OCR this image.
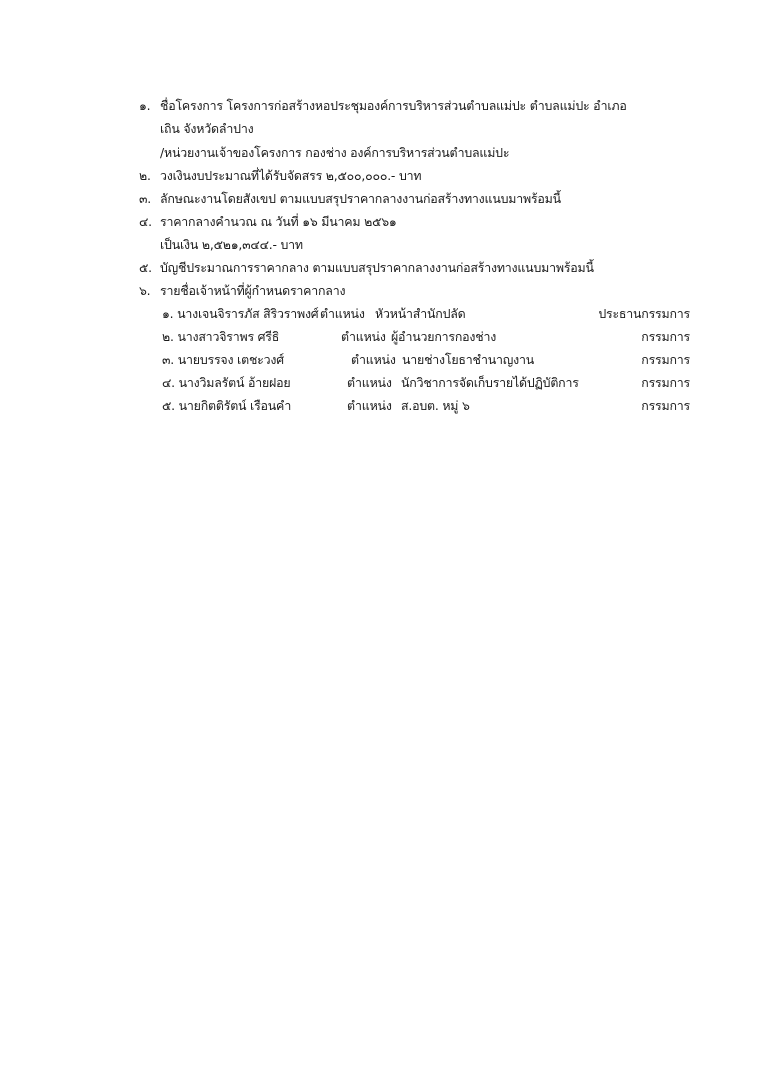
๑. ชื่อโครงการ โครงการก่อสร้างหอประชุมองค์การบริหารส่วนตำบลแม่ปะ ตำบลแม่ปะ อำเภอ
เถิน จังหวัดลำปาง
/หน่วยงานเจ้าของโครงการ กองช่าง องค์การบริหารส่วนตำบลแม่ปะ
๒. วงเงินงบประมาณที่ได้รับจัดสรร ๒,๕๐๐,๐๐๐.- บาท
๓. ลักษณะงานโดยสังเขป ตามแบบสรุปราคากลางงานก่อสร้างทางแนบมาพร้อมนี้
๔. ราคากลางคำนวณ ณ วันที่ ๑๖ มีนาคม ๒๕๖๑
เป็นเงิน ๒,๕๒๑,๓๔๔.- บาท
๕. บัญชีประมาณการราคากลาง ตามแบบสรุปราคากลางงานก่อสร้างทางแนบมาพร้อมนี้
๖. รายชื่อเจ้าหน้าที่ผู้กำหนดราคากลาง
๑. นางเจนจิรารภัส สิริวราพงศ์ ตำแหน่ง หัวหน้าสำนักปลัด	ประธานกรรมการ
๒. นางสาวจิราพร ศรีธิ	ตำแหน่ง ผู้อำนวยการกองช่าง	กรรมการ
๓. นายบรรจง เตชะวงศ์	ตำแหน่ง นายช่างโยธาชำนาญงาน	กรรมการ
๔. นางวิมลรัตน์ อ้ายฝอย	ตำแหน่ง นักวิชาการจัดเก็บรายได้ปฏิบัติการ	กรรมการ
๕. นายกิตติรัตน์ เรือนคำ	ตำแหน่ง ส.อบต. หมู่ ๖	กรรมการ
